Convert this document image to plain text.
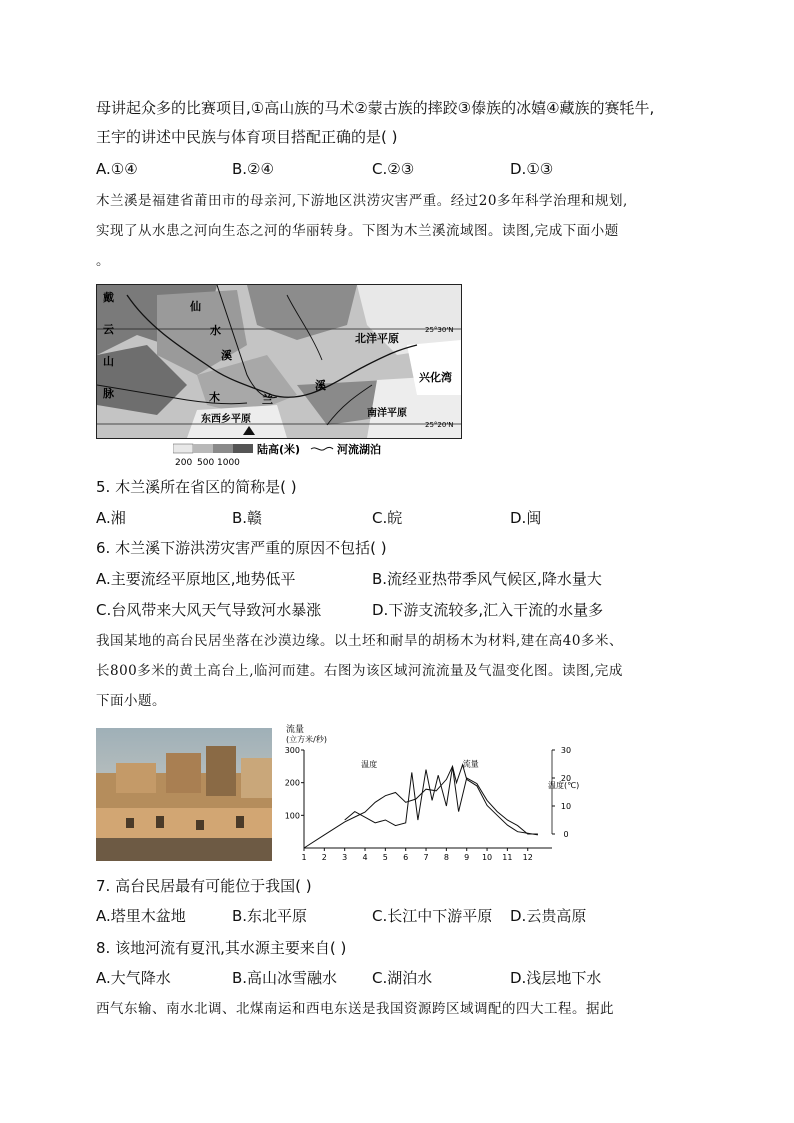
母讲起众多的比赛项目,①高山族的马术②蒙古族的摔跤③傣族的冰嬉④藏族的赛牦牛,
王宇的讲述中民族与体育项目搭配正确的是( )
A.①④	B.②④	C.②③	D.①③
木兰溪是福建省莆田市的母亲河,下游地区洪涝灾害严重。经过20多年科学治理和规划,
实现了从水患之河向生态之河的华丽转身。下图为木兰溪流域图。读图,完成下面小题
。
戴
云
山
脉
仙
水
溪
木	兰
溪
北洋平原
南洋平原
东西乡平原
兴化湾
25°30'N
25°20'N
陆高(米)
200 500 1000
河流湖泊
5. 木兰溪所在省区的简称是( )
A.湘	B.赣	C.皖	D.闽
6. 木兰溪下游洪涝灾害严重的原因不包括( )
A.主要流经平原地区,地势低平	B.流经亚热带季风气候区,降水量大
C.台风带来大风天气导致河水暴涨	D.下游支流较多,汇入干流的水量多
我国某地的高台民居坐落在沙漠边缘。以土坯和耐旱的胡杨木为材料,建在高40多米、
长800多米的黄土高台上,临河而建。右图为该区域河流流量及气温变化图。读图,完成
下面小题。
流量
(立方米/秒)
温度(℃)
300
200
100
30
20
10
0
1 2 3 4 5 6 7 8 9 10 11 12
流量
温度
7. 高台民居最有可能位于我国( )
A.塔里木盆地	B.东北平原	C.长江中下游平原 D.云贵高原
8. 该地河流有夏汛,其水源主要来自( )
A.大气降水	B.高山冰雪融水 C.湖泊水	D.浅层地下水
西气东输、南水北调、北煤南运和西电东送是我国资源跨区域调配的四大工程。据此
